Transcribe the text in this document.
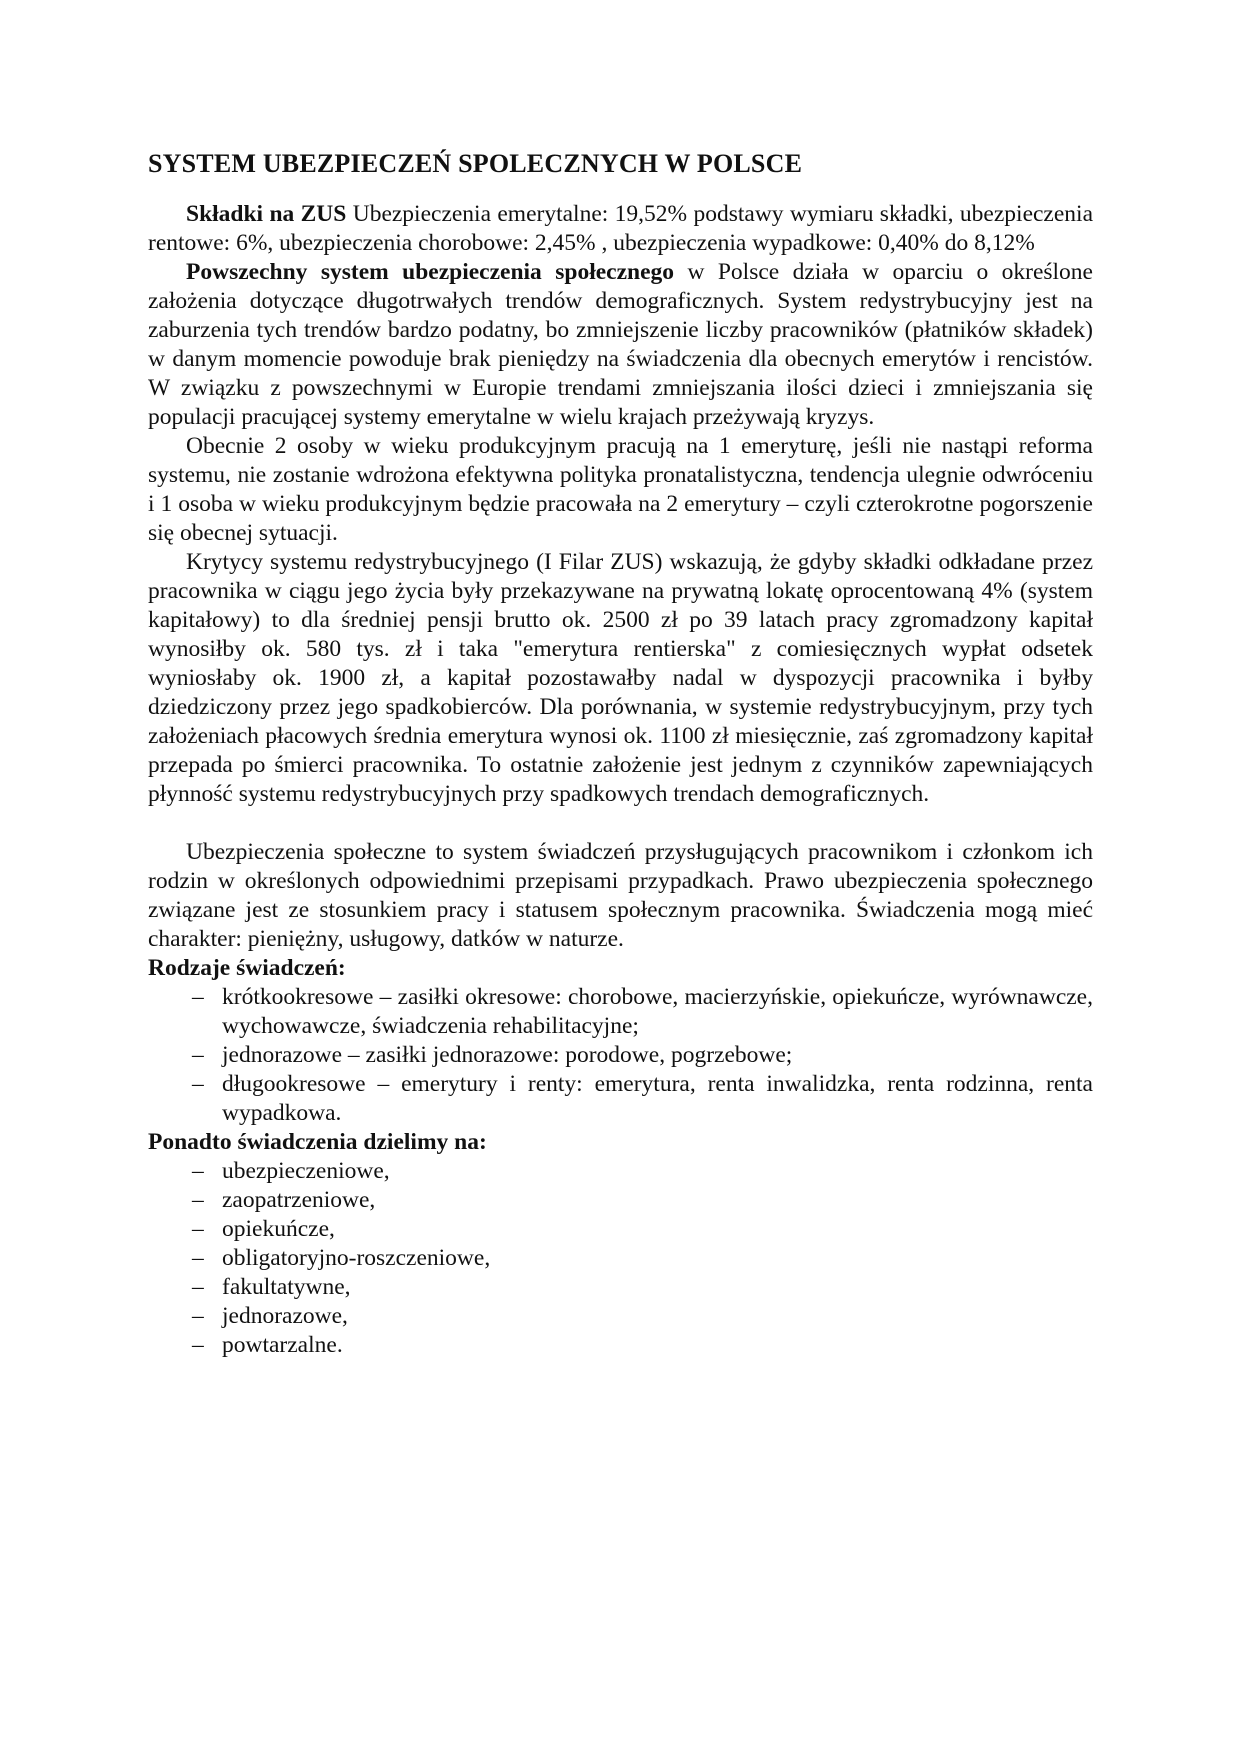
SYSTEM UBEZPIECZEŃ SPOLECZNYCH W POLSCE

Składki na ZUS Ubezpieczenia emerytalne: 19,52% podstawy wymiaru składki, ubezpieczenia rentowe: 6%, ubezpieczenia chorobowe: 2,45% , ubezpieczenia wypadkowe: 0,40% do 8,12%

Powszechny system ubezpieczenia społecznego w Polsce działa w oparciu o określone założenia dotyczące długotrwałych trendów demograficznych. System redystrybucyjny jest na zaburzenia tych trendów bardzo podatny, bo zmniejszenie liczby pracowników (płatników składek) w danym momencie powoduje brak pieniędzy na świadczenia dla obecnych emerytów i rencistów. W związku z powszechnymi w Europie trendami zmniejszania ilości dzieci i zmniejszania się populacji pracującej systemy emerytalne w wielu krajach przeżywają kryzys.

Obecnie 2 osoby w wieku produkcyjnym pracują na 1 emeryturę, jeśli nie nastąpi reforma systemu, nie zostanie wdrożona efektywna polityka pronatalistyczna, tendencja ulegnie odwróceniu i 1 osoba w wieku produkcyjnym będzie pracowała na 2 emerytury – czyli czterokrotne pogorszenie się obecnej sytuacji.

Krytycy systemu redystrybucyjnego (I Filar ZUS) wskazują, że gdyby składki odkładane przez pracownika w ciągu jego życia były przekazywane na prywatną lokatę oprocentowaną 4% (system kapitałowy) to dla średniej pensji brutto ok. 2500 zł po 39 latach pracy zgromadzony kapitał wynosiłby ok. 580 tys. zł i taka "emerytura rentierska" z comiesięcznych wypłat odsetek wyniosłaby ok. 1900 zł, a kapitał pozostawałby nadal w dyspozycji pracownika i byłby dziedziczony przez jego spadkobierców. Dla porównania, w systemie redystrybucyjnym, przy tych założeniach płacowych średnia emerytura wynosi ok. 1100 zł miesięcznie, zaś zgromadzony kapitał przepada po śmierci pracownika. To ostatnie założenie jest jednym z czynników zapewniających płynność systemu redystrybucyjnych przy spadkowych trendach demograficznych.

Ubezpieczenia społeczne to system świadczeń przysługujących pracownikom i członkom ich rodzin w określonych odpowiednimi przepisami przypadkach. Prawo ubezpieczenia społecznego związane jest ze stosunkiem pracy i statusem społecznym pracownika. Świadczenia mogą mieć charakter: pieniężny, usługowy, datków w naturze.

Rodzaje świadczeń:

– krótkookresowe – zasiłki okresowe: chorobowe, macierzyńskie, opiekuńcze, wyrównawcze, wychowawcze, świadczenia rehabilitacyjne;
– jednorazowe – zasiłki jednorazowe: porodowe, pogrzebowe;
– długookresowe – emerytury i renty: emerytura, renta inwalidzka, renta rodzinna, renta wypadkowa.

Ponadto świadczenia dzielimy na:

– ubezpieczeniowe,
– zaopatrzeniowe,
– opiekuńcze,
– obligatoryjno-roszczeniowe,
– fakultatywne,
– jednorazowe,
– powtarzalne.
